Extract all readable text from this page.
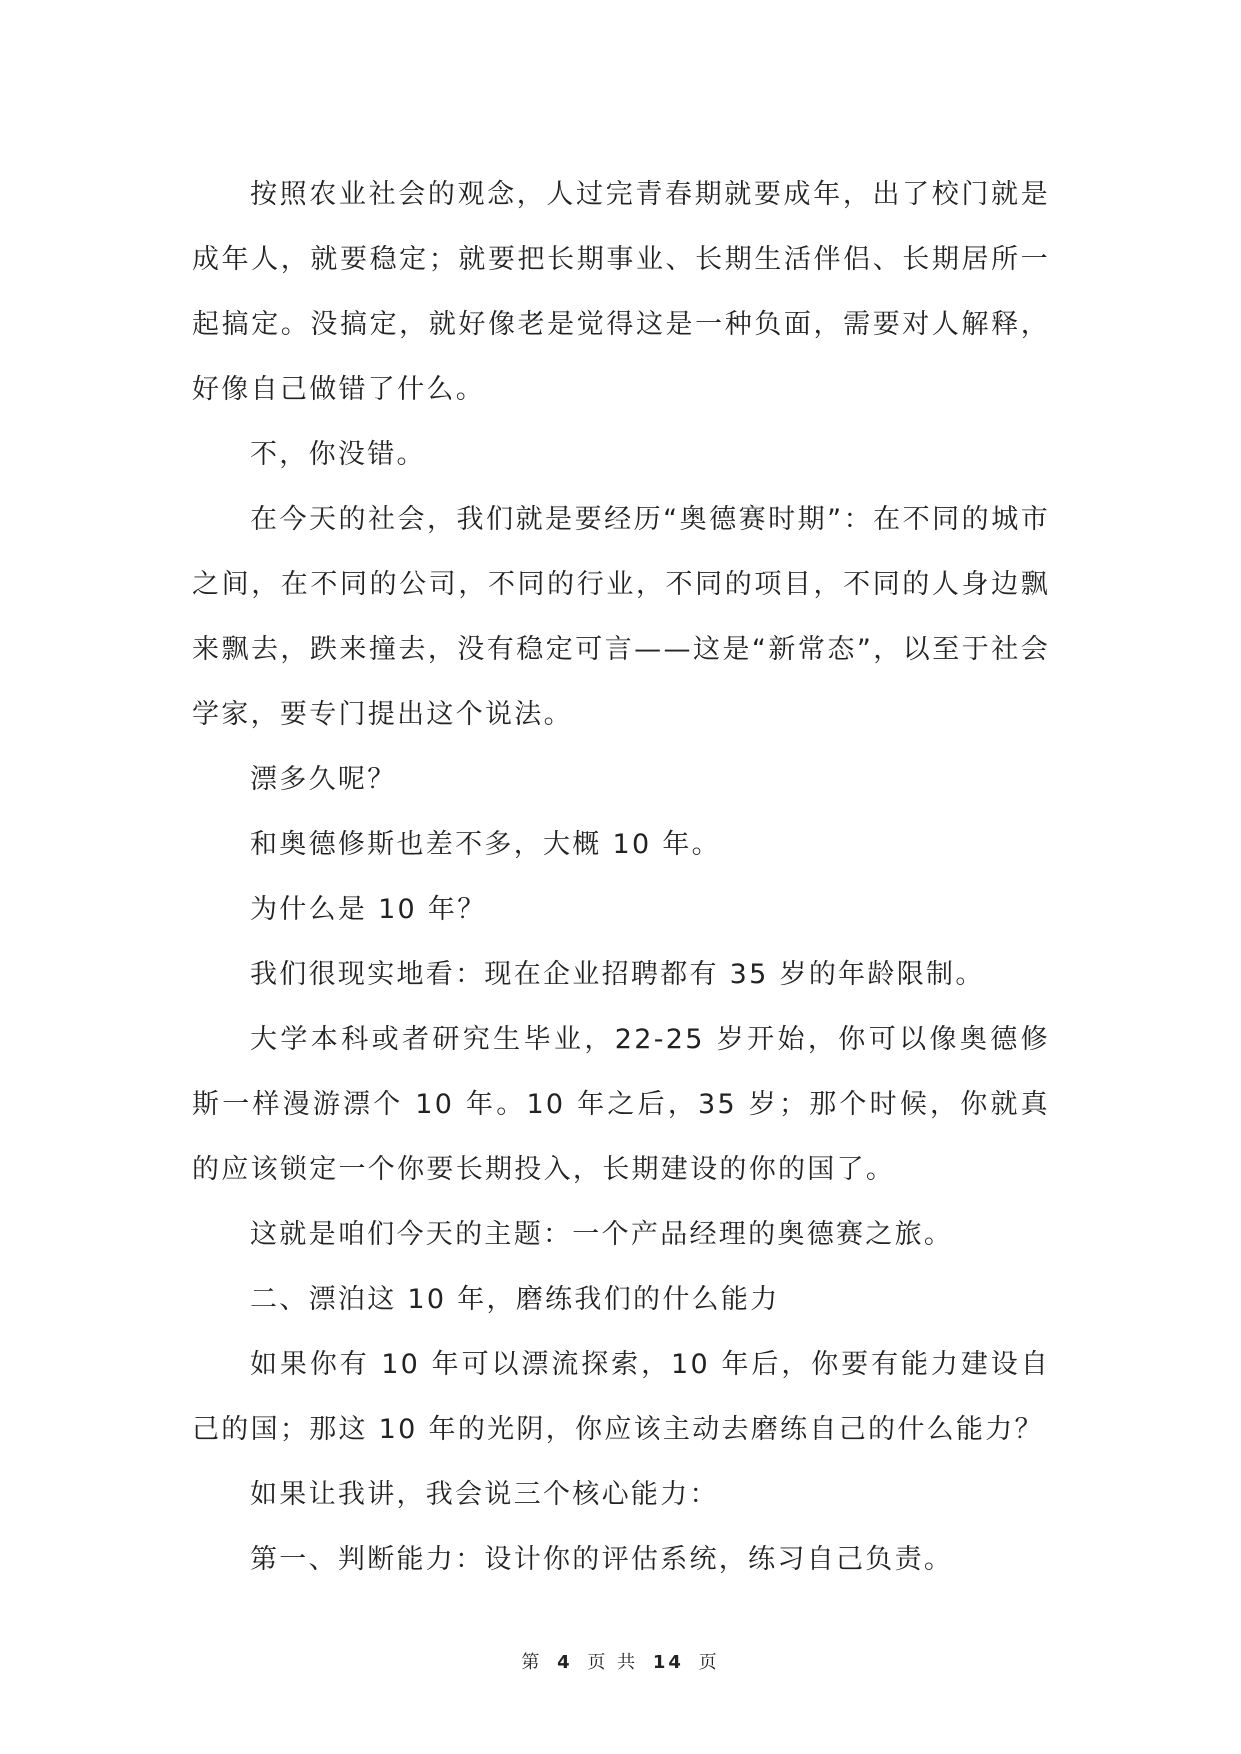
按照农业社会的观念，人过完青春期就要成年，出了校门就是成年人，就要稳定；就要把长期事业、长期生活伴侣、长期居所一起搞定。没搞定，就好像老是觉得这是一种负面，需要对人解释，好像自己做错了什么。

不，你没错。

在今天的社会，我们就是要经历“奥德赛时期”：在不同的城市之间，在不同的公司，不同的行业，不同的项目，不同的人身边飘来飘去，跌来撞去，没有稳定可言——这是“新常态”，以至于社会学家，要专门提出这个说法。

漂多久呢？

和奥德修斯也差不多，大概 10 年。

为什么是 10 年？

我们很现实地看：现在企业招聘都有 35 岁的年龄限制。

大学本科或者研究生毕业，22-25 岁开始，你可以像奥德修斯一样漫游漂个 10 年。10 年之后，35 岁；那个时候，你就真的应该锁定一个你要长期投入，长期建设的你的国了。

这就是咱们今天的主题：一个产品经理的奥德赛之旅。

二、漂泊这 10 年，磨练我们的什么能力

如果你有 10 年可以漂流探索，10 年后，你要有能力建设自己的国；那这 10 年的光阴，你应该主动去磨练自己的什么能力？

如果让我讲，我会说三个核心能力：

第一、判断能力：设计你的评估系统，练习自己负责。

第 4 页 共 14 页
